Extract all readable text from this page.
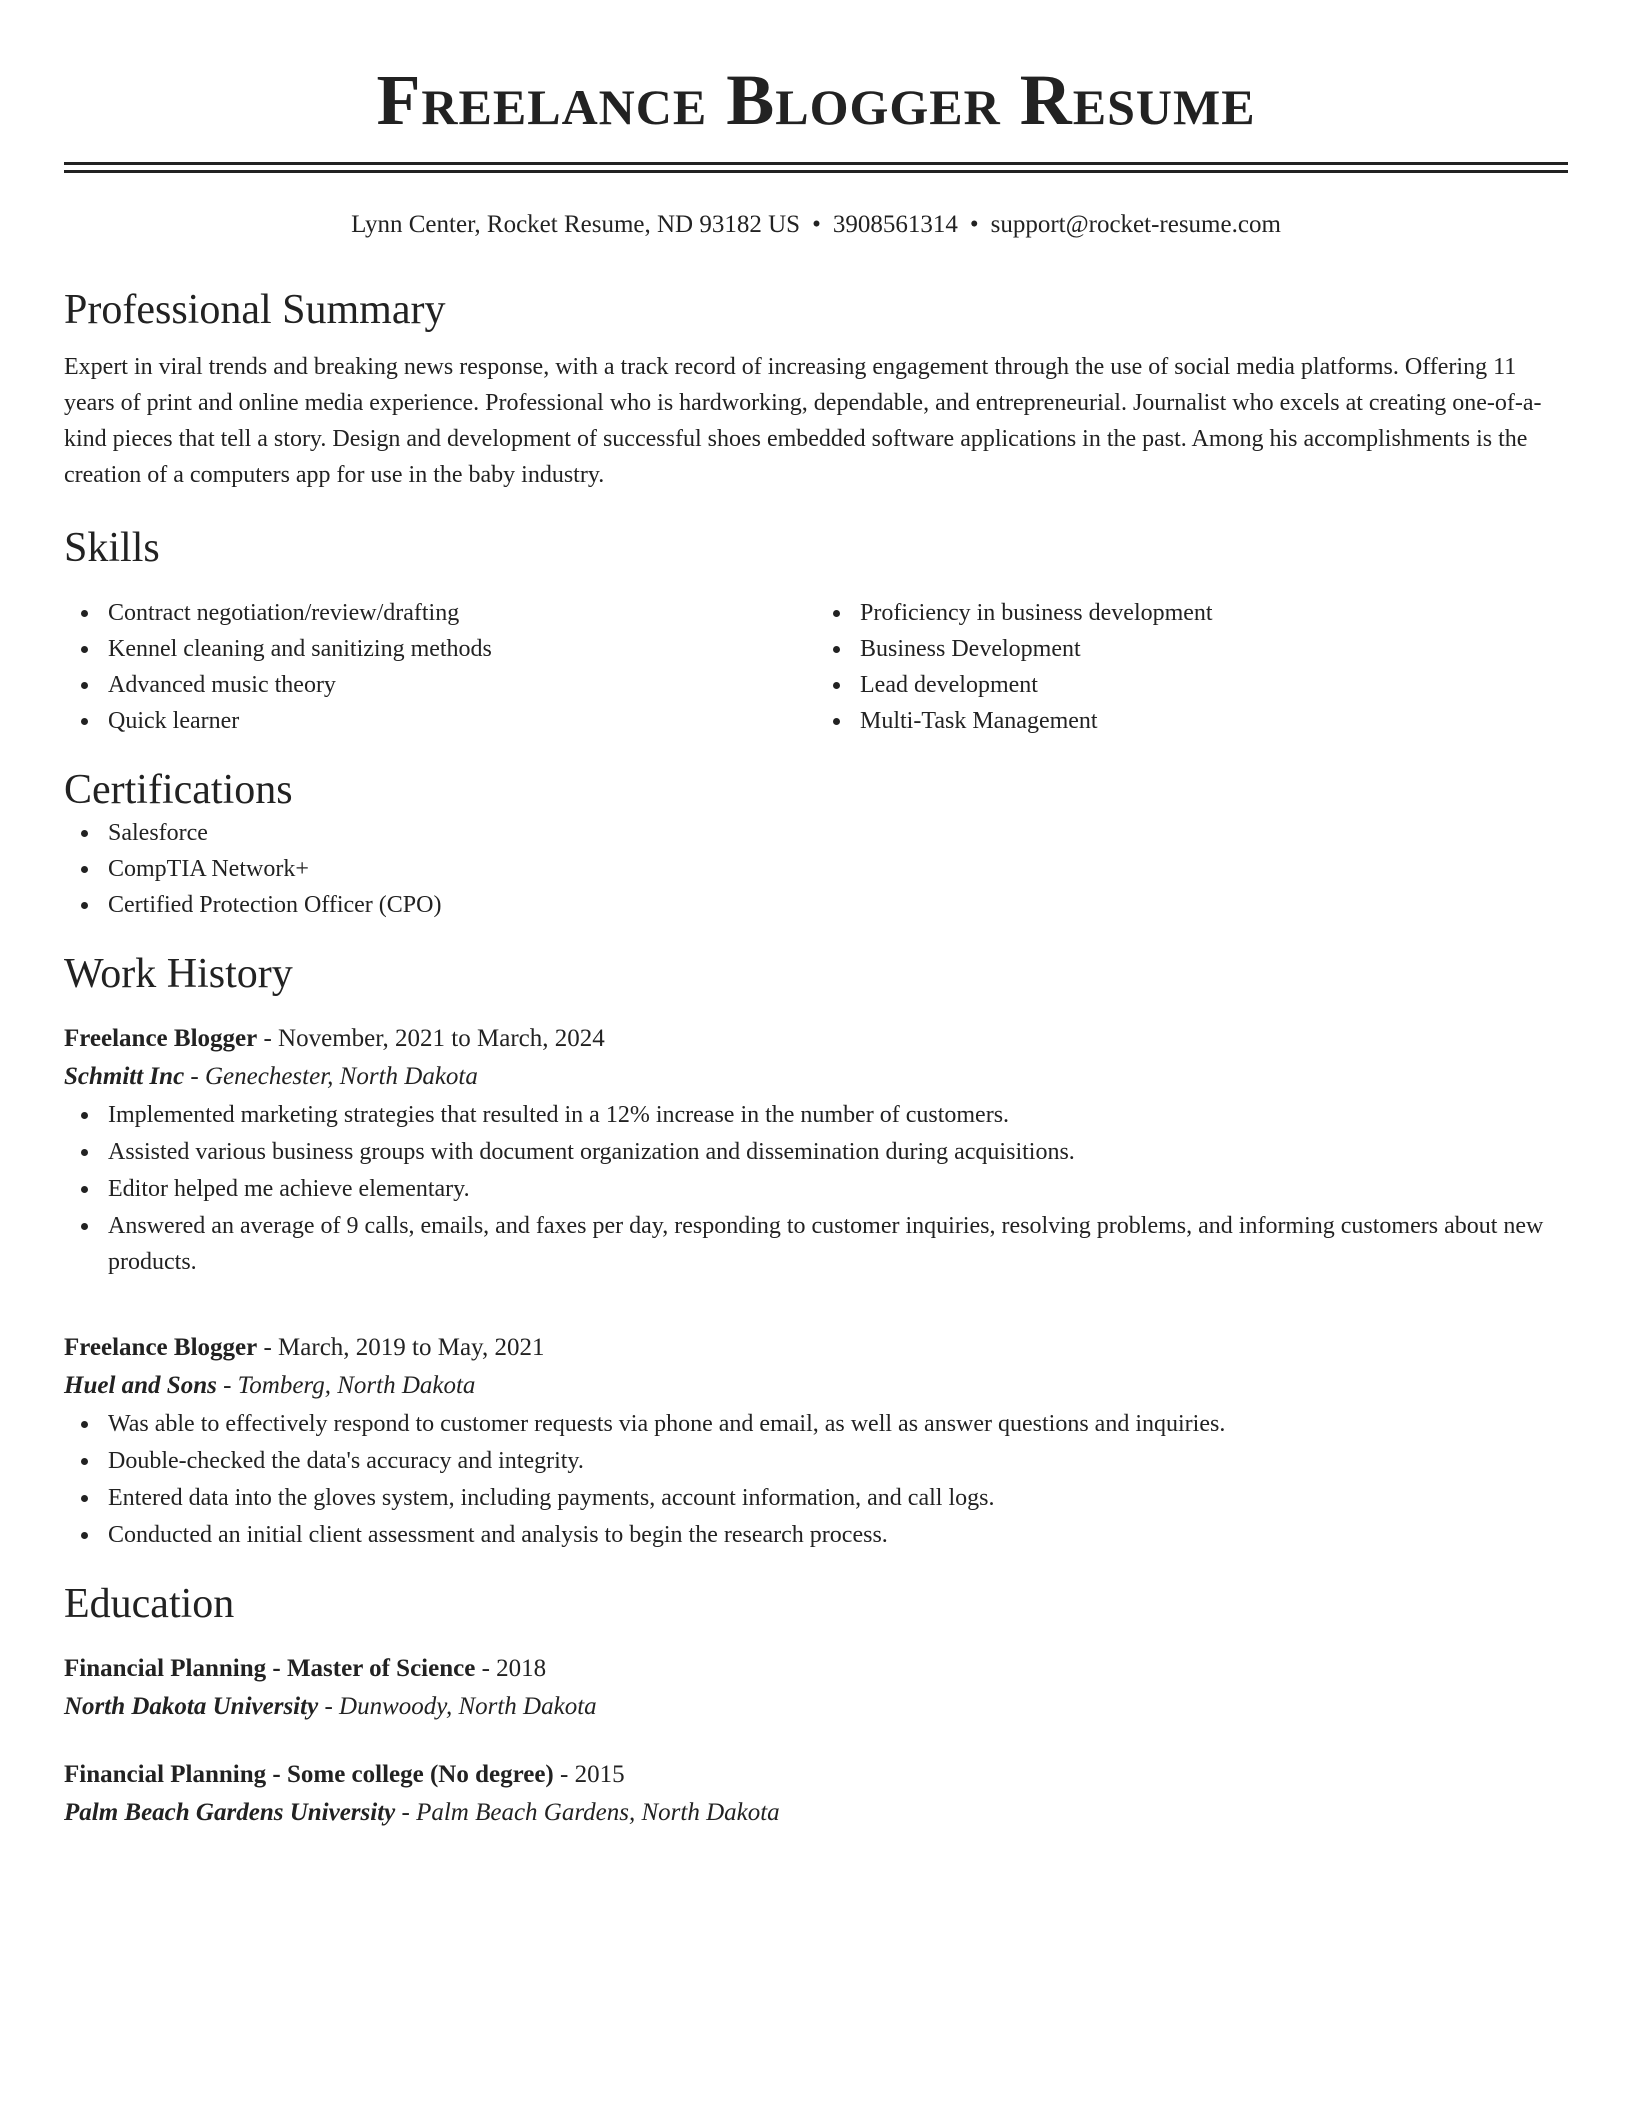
Freelance Blogger Resume
Lynn Center, Rocket Resume, ND 93182 US • 3908561314 • support@rocket-resume.com
Professional Summary

Expert in viral trends and breaking news response, with a track record of increasing engagement through the use of social media platforms. Offering 11 years of print and online media experience. Professional who is hardworking, dependable, and entrepreneurial. Journalist who excels at creating one-of-a-kind pieces that tell a story. Design and development of successful shoes embedded software applications in the past. Among his accomplishments is the creation of a computers app for use in the baby industry.

Skills
Contract negotiation/review/drafting
Kennel cleaning and sanitizing methods
Advanced music theory
Quick learner
Proficiency in business development
Business Development
Lead development
Multi-Task Management
Certifications
Salesforce
CompTIA Network+
Certified Protection Officer (CPO)
Work History
Freelance Blogger - November, 2021 to March, 2024
Schmitt Inc - Genechester, North Dakota
Implemented marketing strategies that resulted in a 12% increase in the number of customers.
Assisted various business groups with document organization and dissemination during acquisitions.
Editor helped me achieve elementary.
Answered an average of 9 calls, emails, and faxes per day, responding to customer inquiries, resolving problems, and informing customers about new products.
Freelance Blogger - March, 2019 to May, 2021
Huel and Sons - Tomberg, North Dakota
Was able to effectively respond to customer requests via phone and email, as well as answer questions and inquiries.
Double-checked the data's accuracy and integrity.
Entered data into the gloves system, including payments, account information, and call logs.
Conducted an initial client assessment and analysis to begin the research process.
Education
Financial Planning - Master of Science - 2018
North Dakota University - Dunwoody, North Dakota
Financial Planning - Some college (No degree) - 2015
Palm Beach Gardens University - Palm Beach Gardens, North Dakota
